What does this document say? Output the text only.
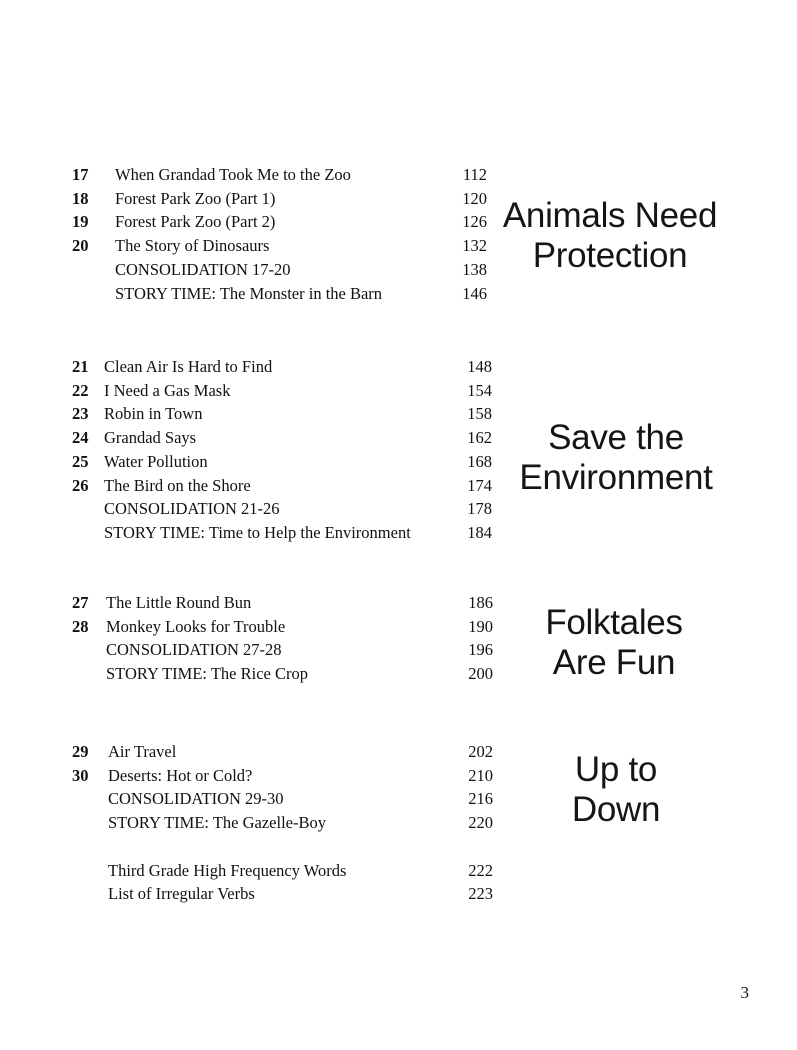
17 When Grandad Took Me to the Zoo	112
18 Forest Park Zoo (Part 1)	120
19 Forest Park Zoo (Part 2)	126
20 The Story of Dinosaurs	132
CONSOLIDATION 17-20	138
STORY TIME: The Monster in the Barn	146
Animals Need
Protection
21 Clean Air Is Hard to Find	148
22 I Need a Gas Mask	154
23 Robin in Town	158
24 Grandad Says	162
25 Water Pollution	168
26 The Bird on the Shore	174
CONSOLIDATION 21-26	178
STORY TIME: Time to Help the Environment	184
Save the
Environment
27 The Little Round Bun	186
28 Monkey Looks for Trouble	190
CONSOLIDATION 27-28	196
STORY TIME: The Rice Crop	200
Folktales
Are Fun
29 Air Travel	202
30 Deserts: Hot or Cold?	210
CONSOLIDATION 29-30	216
STORY TIME: The Gazelle-Boy	220
Up to
Down
Third Grade High Frequency Words	222
List of Irregular Verbs	223
3
